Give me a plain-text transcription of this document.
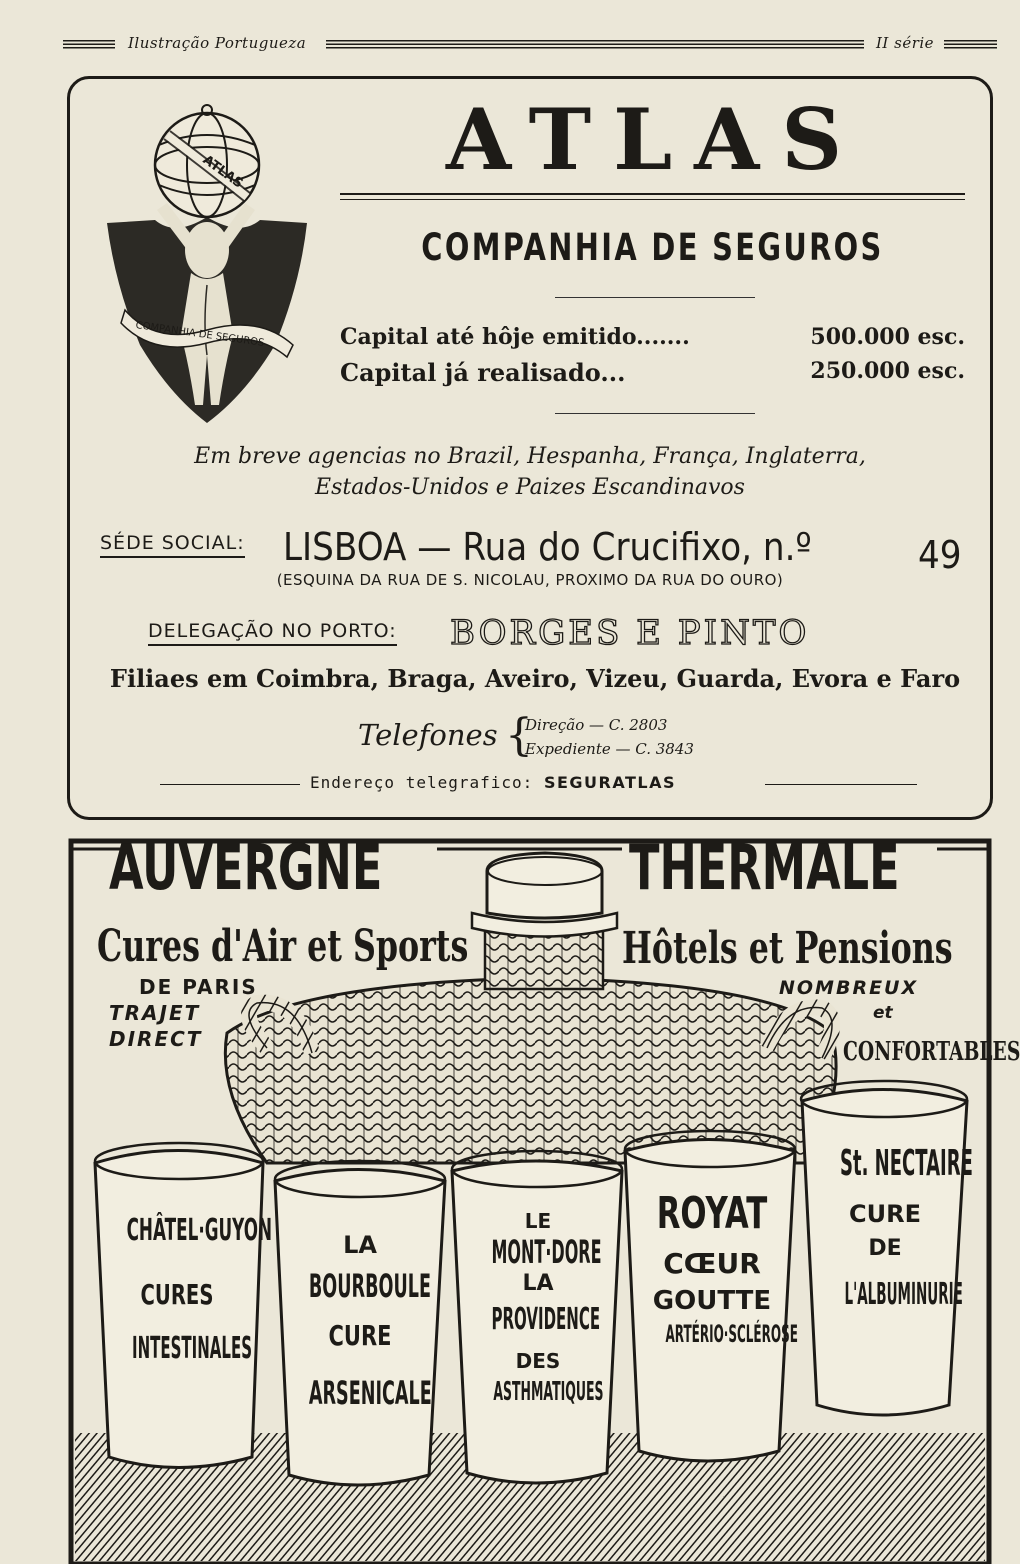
Ilustração Portugueza	II série
ATLAS
COMPANHIA DE SEGUROS
ATLAS
COMPANHIA DE SEGUROS
Capital até hôje emitido.......	500.000 esc.
Capital já realisado...	250.000 esc.
Em breve agencias no Brazil, Hespanha, França, Inglaterra,
Estados-Unidos e Paizes Escandinavos
SÉDE SOCIAL: LISBOA — Rua do Crucifixo, n.º	49
(ESQUINA DA RUA DE S. NICOLAU, PROXIMO DA RUA DO OURO)
DELEGAÇÃO NO PORTO: BORGES E PINTO
Filiaes em Coimbra, Braga, Aveiro, Vizeu, Guarda, Evora e Faro
Telefones {
Direção — C. 2803
Expediente — C. 3843
Endereço telegrafico: SEGURATLAS
AUVERGNE	THERMALE
Cures d'Air et Sports
DE PARIS
TRAJET
DIRECT
Hôtels et Pensions
NOMBREUX
et
CONFORTABLES
CHÂTEL·GUYON
CURES
INTESTINALES
LA
BOURBOULE
CURE
ARSENICALE
LE
MONT·DORE
LA
PROVIDENCE
DES
ASTHMATIQUES
ROYAT
CŒUR
GOUTTE
ARTÉRIO·SCLÉROSE
St. NECTAIRE
CURE
DE
L'ALBUMINURIE
